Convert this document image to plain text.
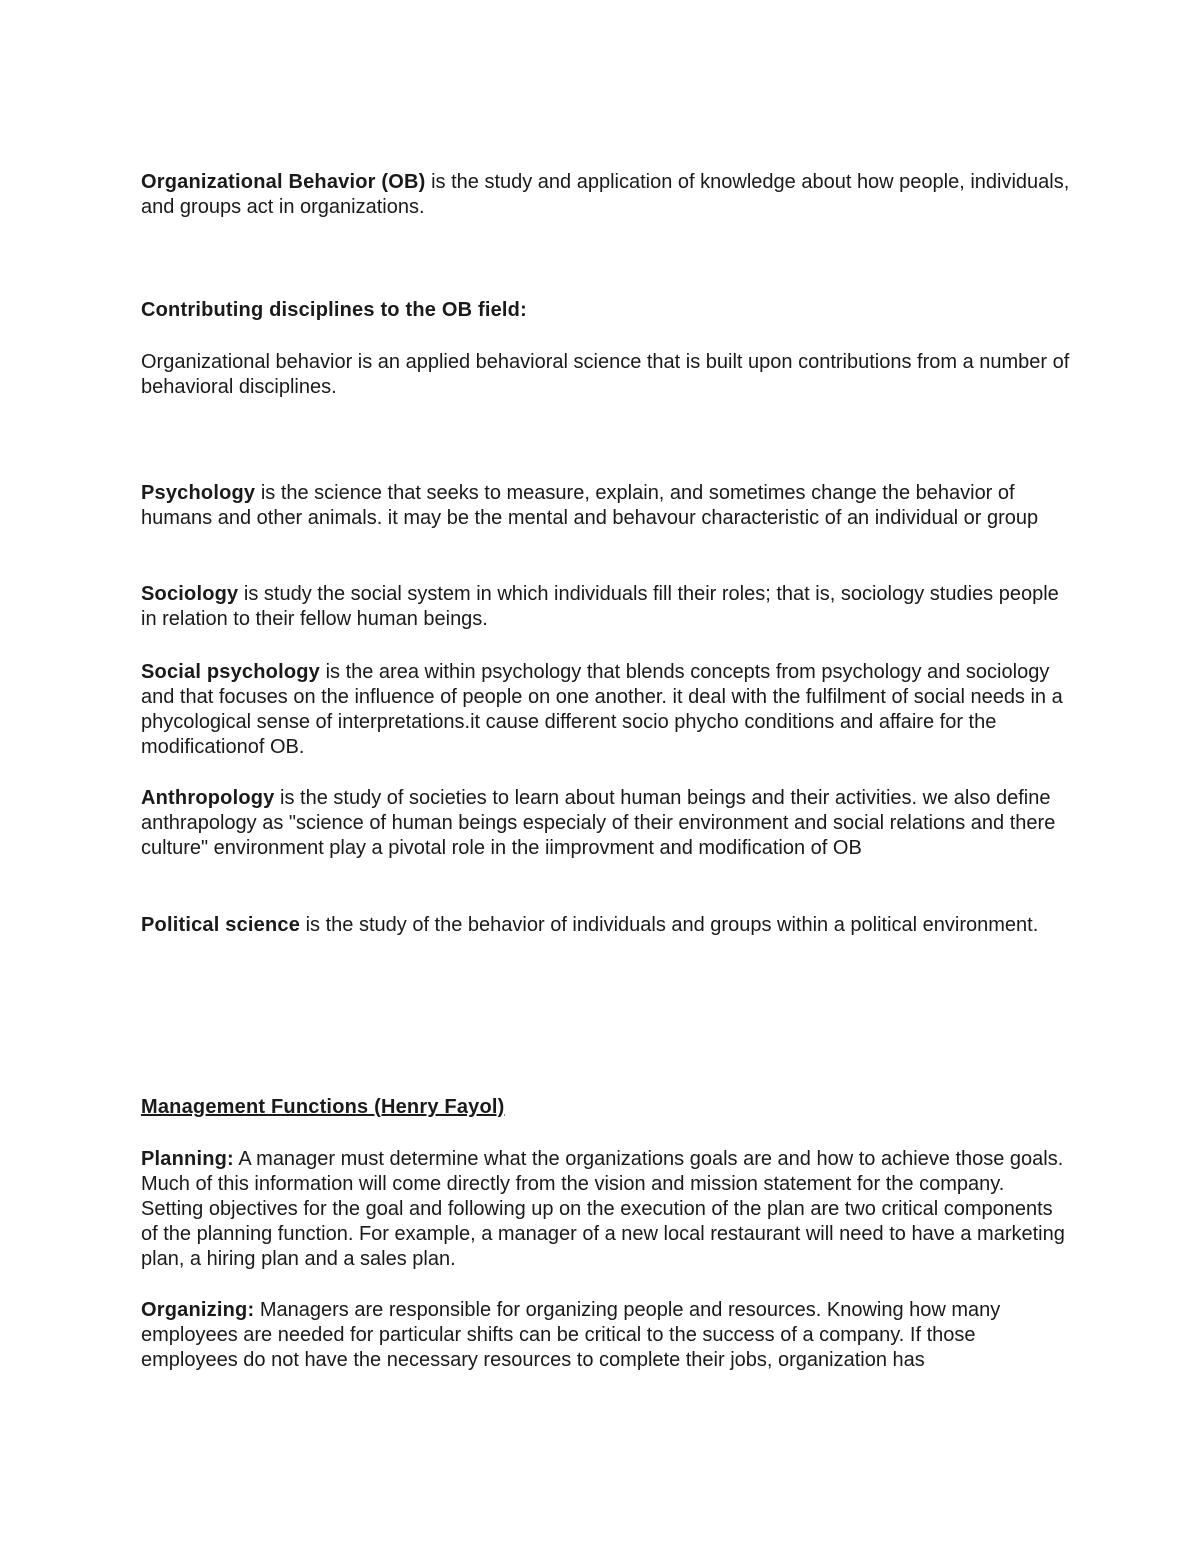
Organizational Behavior (OB) is the study and application of knowledge about how people, individuals, and groups act in organizations.

Contributing disciplines to the OB field:

Organizational behavior is an applied behavioral science that is built upon contributions from a number of behavioral disciplines.

Psychology is the science that seeks to measure, explain, and sometimes change the behavior of humans and other animals. it may be the mental and behavour characteristic of an individual or group

Sociology is study the social system in which individuals fill their roles; that is, sociology studies people in relation to their fellow human beings.

Social psychology is the area within psychology that blends concepts from psychology and sociology and that focuses on the influence of people on one another. it deal with the fulfilment of social needs in a phycological sense of interpretations.it cause different socio phycho conditions and affaire for the modificationof OB.

Anthropology is the study of societies to learn about human beings and their activities. we also define anthrapology as "science of human beings especialy of their environment and social relations and there culture" environment play a pivotal role in the iimprovment and modification of OB

Political science is the study of the behavior of individuals and groups within a political environment.

Management Functions (Henry Fayol)

Planning: A manager must determine what the organizations goals are and how to achieve those goals. Much of this information will come directly from the vision and mission statement for the company. Setting objectives for the goal and following up on the execution of the plan are two critical components of the planning function. For example, a manager of a new local restaurant will need to have a marketing plan, a hiring plan and a sales plan.

Organizing: Managers are responsible for organizing people and resources. Knowing how many employees are needed for particular shifts can be critical to the success of a company. If those employees do not have the necessary resources to complete their jobs, organization has
